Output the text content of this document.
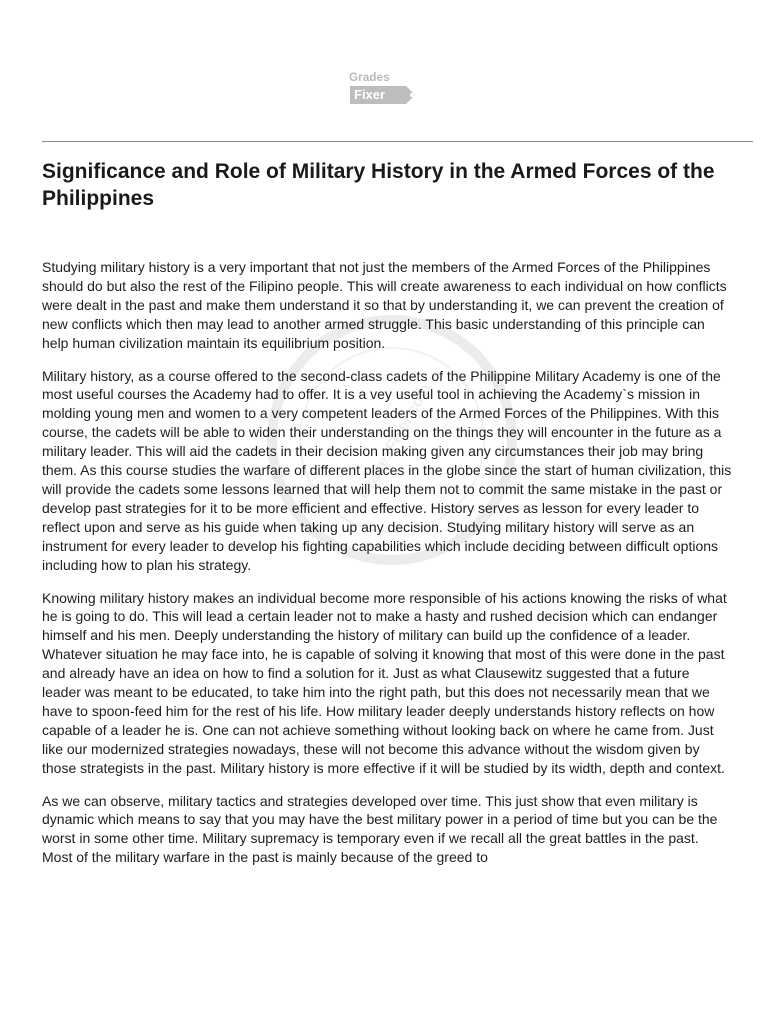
Grades
Fixer
Significance and Role of Military History in the Armed Forces of the Philippines
GradesFixer.com

Studying military history is a very important that not just the members of the Armed Forces of the Philippines should do but also the rest of the Filipino people. This will create awareness to each individual on how conflicts were dealt in the past and make them understand it so that by understanding it, we can prevent the creation of new conflicts which then may lead to another armed struggle. This basic understanding of this principle can help human civilization maintain its equilibrium position.

Military history, as a course offered to the second-class cadets of the Philippine Military Academy is one of the most useful courses the Academy had to offer. It is a vey useful tool in achieving the Academy`s mission in molding young men and women to a very competent leaders of the Armed Forces of the Philippines. With this course, the cadets will be able to widen their understanding on the things they will encounter in the future as a military leader. This will aid the cadets in their decision making given any circumstances their job may bring them. As this course studies the warfare of different places in the globe since the start of human civilization, this will provide the cadets some lessons learned that will help them not to commit the same mistake in the past or develop past strategies for it to be more efficient and effective. History serves as lesson for every leader to reflect upon and serve as his guide when taking up any decision. Studying military history will serve as an instrument for every leader to develop his fighting capabilities which include deciding between difficult options including how to plan his strategy.

Knowing military history makes an individual become more responsible of his actions knowing the risks of what he is going to do. This will lead a certain leader not to make a hasty and rushed decision which can endanger himself and his men. Deeply understanding the history of military can build up the confidence of a leader. Whatever situation he may face into, he is capable of solving it knowing that most of this were done in the past and already have an idea on how to find a solution for it. Just as what Clausewitz suggested that a future leader was meant to be educated, to take him into the right path, but this does not necessarily mean that we have to spoon-feed him for the rest of his life. How military leader deeply understands history reflects on how capable of a leader he is. One can not achieve something without looking back on where he came from. Just like our modernized strategies nowadays, these will not become this advance without the wisdom given by those strategists in the past. Military history is more effective if it will be studied by its width, depth and context.

As we can observe, military tactics and strategies developed over time. This just show that even military is dynamic which means to say that you may have the best military power in a period of time but you can be the worst in some other time. Military supremacy is temporary even if we recall all the great battles in the past. Most of the military warfare in the past is mainly because of the greed to
